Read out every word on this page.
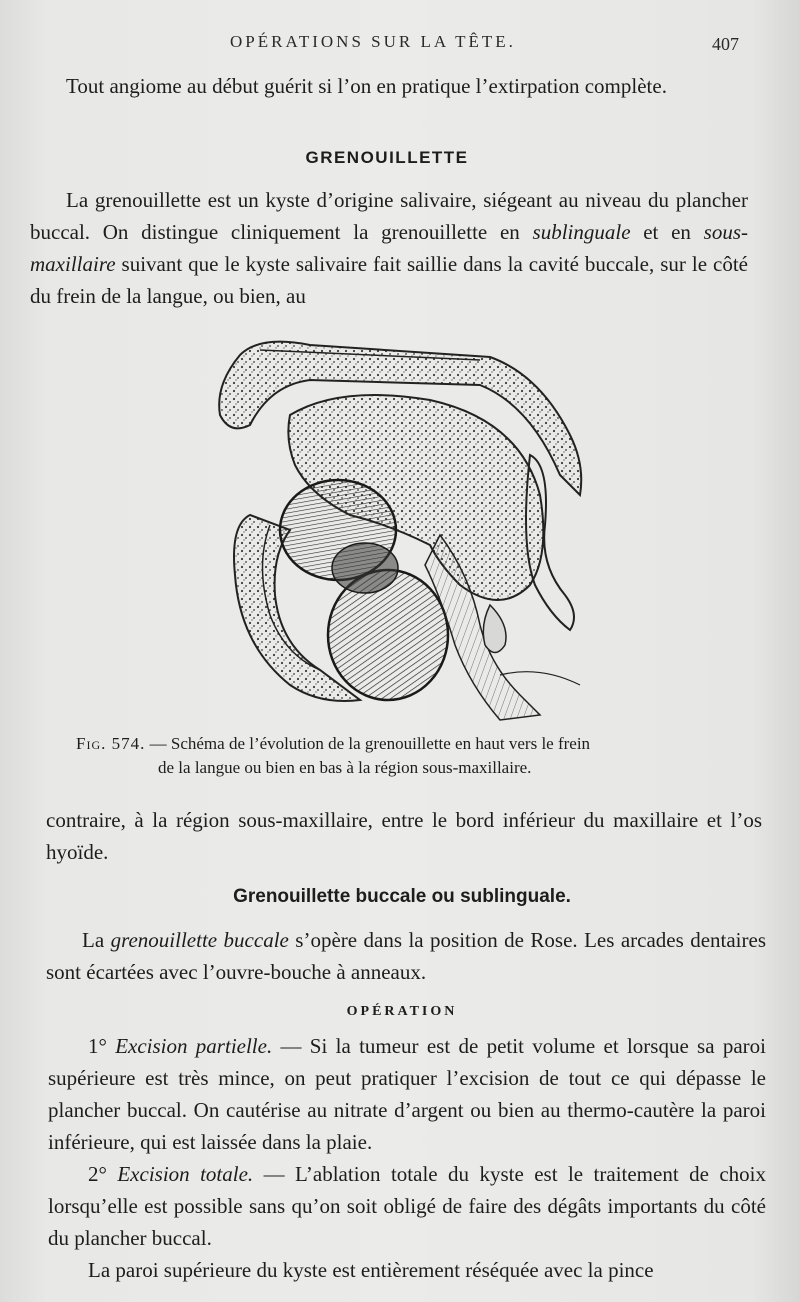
OPÉRATIONS SUR LA TÊTE.	407

Tout angiome au début guérit si l’on en pratique l’extirpation complète.

GRENOUILLETTE

La grenouillette est un kyste d’origine salivaire, siégeant au niveau du plancher buccal. On distingue cliniquement la grenouillette en sublinguale et en sous-maxillaire suivant que le kyste salivaire fait saillie dans la cavité buccale, sur le côté du frein de la langue, ou bien, au

Fig. 574. — Schéma de l’évolution de la grenouillette en haut vers le frein
de la langue ou bien en bas à la région sous-maxillaire.

contraire, à la région sous-maxillaire, entre le bord inférieur du maxillaire et l’os hyoïde.

Grenouillette buccale ou sublinguale.

La grenouillette buccale s’opère dans la position de Rose. Les arcades dentaires sont écartées avec l’ouvre-bouche à anneaux.

OPÉRATION

1° Excision partielle. — Si la tumeur est de petit volume et lorsque sa paroi supérieure est très mince, on peut pratiquer l’excision de tout ce qui dépasse le plancher buccal. On cautérise au nitrate d’argent ou bien au thermo-cautère la paroi inférieure, qui est laissée dans la plaie.

2° Excision totale. — L’ablation totale du kyste est le traitement de choix lorsqu’elle est possible sans qu’on soit obligé de faire des dégâts importants du côté du plancher buccal.

La paroi supérieure du kyste est entièrement réséquée avec la pince
